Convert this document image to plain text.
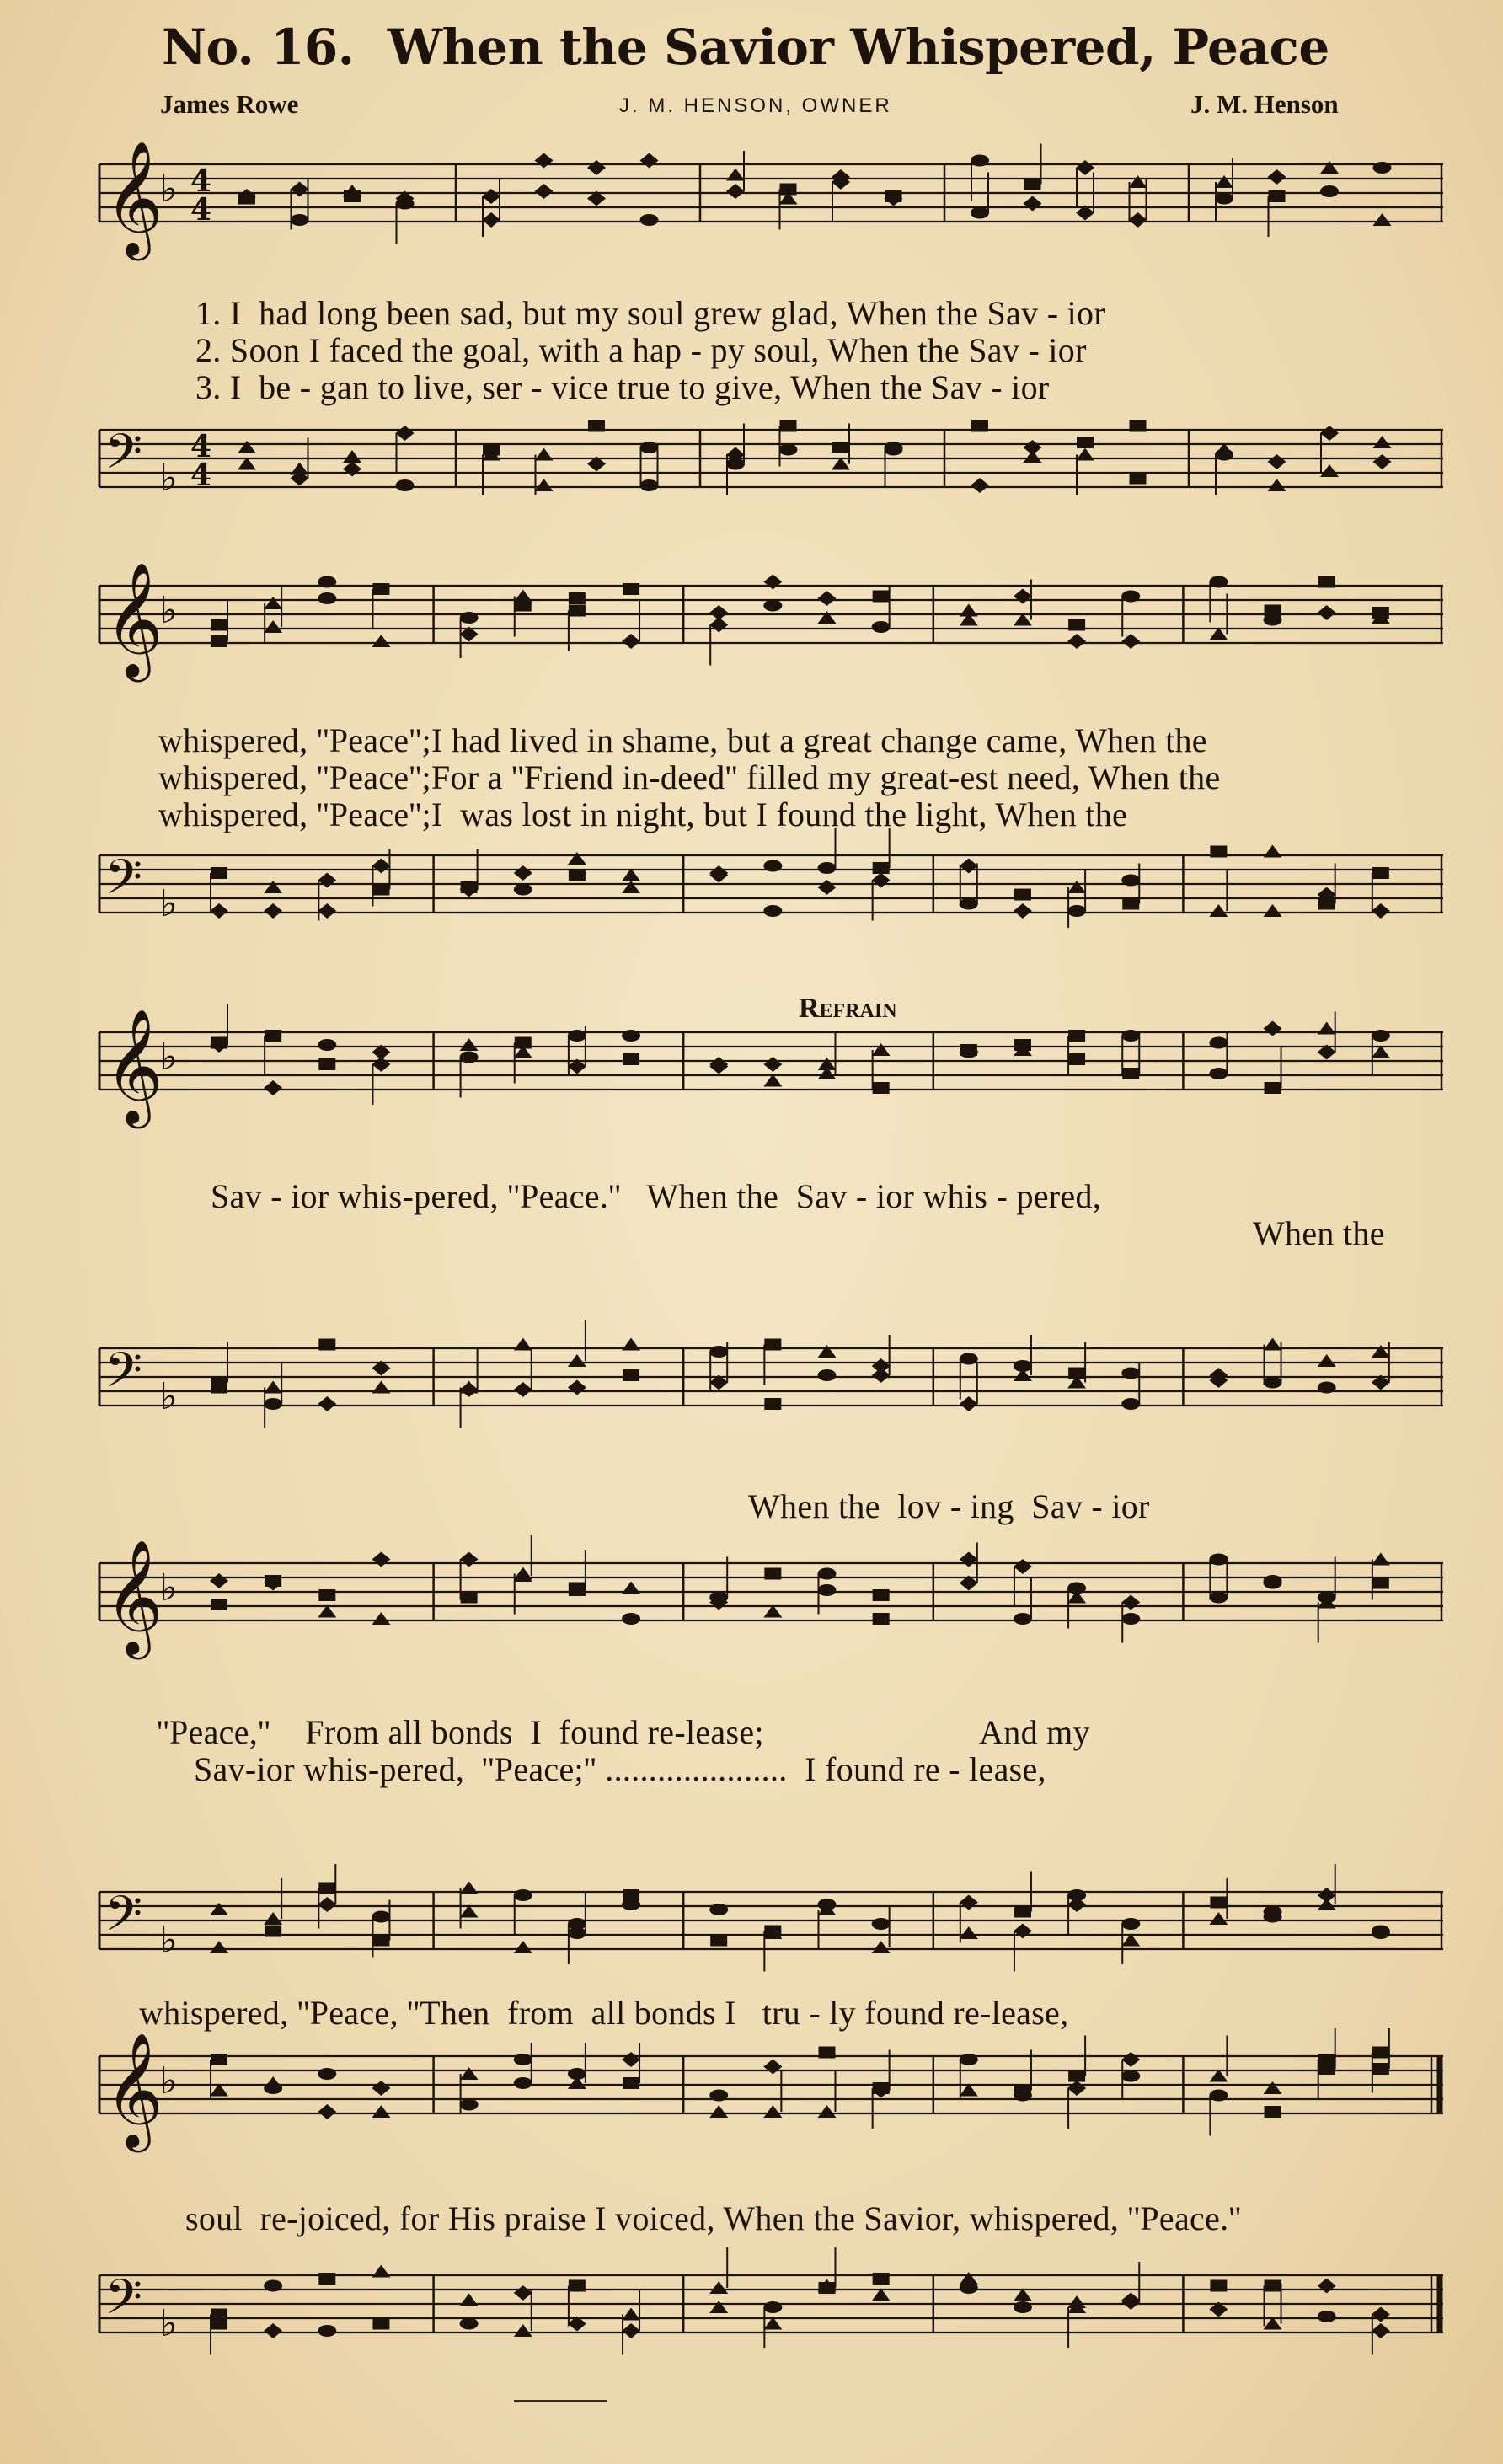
No. 16. When the Savior Whispered, Peace
James Rowe	J. M. HENSON, OWNER	J. M. Henson
𝄞
♭ 4
4
𝄢 ♭
4
4
1. I  had long been sad, but my soul grew glad, When the Sav - ior
2. Soon I faced the goal, with a hap - py soul, When the Sav - ior
3. I  be - gan to live, ser - vice true to give, When the Sav - ior
𝄞
♭
𝄢 ♭
whispered, ''Peace'';I had lived in shame, but a great change came, When the
whispered, ''Peace'';For a ''Friend in-deed'' filled my great-est need, When the
whispered, ''Peace'';I  was lost in night, but I found the light, When the
Refrain
𝄞
♭
𝄢 ♭
Sav - ior whis-pered, ''Peace.''   When the  Sav - ior whis - pered,
When the
When the  lov - ing  Sav - ior
𝄞
♭
𝄢 ♭
''Peace,''    From all bonds  I  found re-lease;                         And my
Sav-ior whis-pered,  ''Peace;'' .....................  I found re - lease,
whispered, ''Peace, ''Then  from  all bonds I   tru - ly found re-lease,
𝄞
♭
𝄢 ♭
soul  re-joiced, for His praise I voiced, When the Savior, whispered, ''Peace.''
